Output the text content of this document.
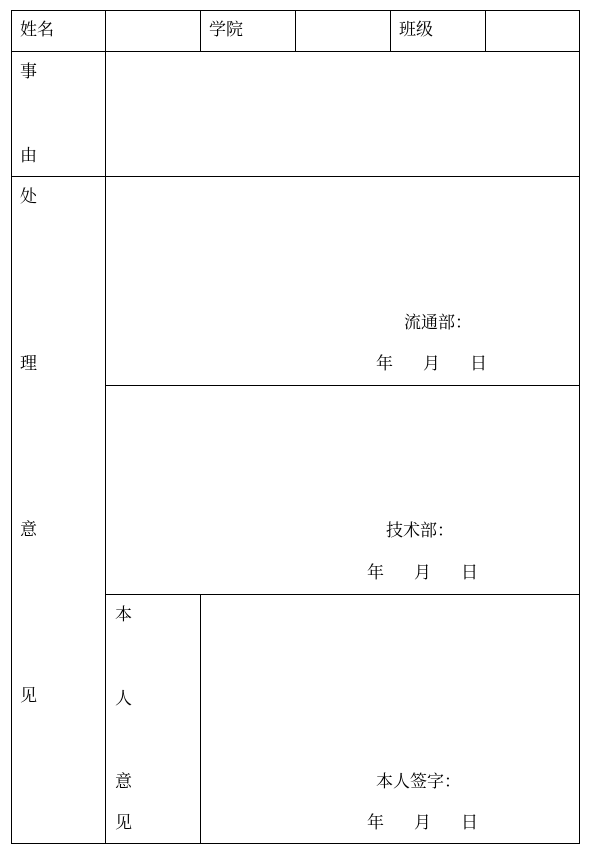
姓名	学院	班级
事
由
处
理
意
见
流通部：
年 月 日
技术部：
年 月 日
本
人
意
见
本人签字：
年 月 日
